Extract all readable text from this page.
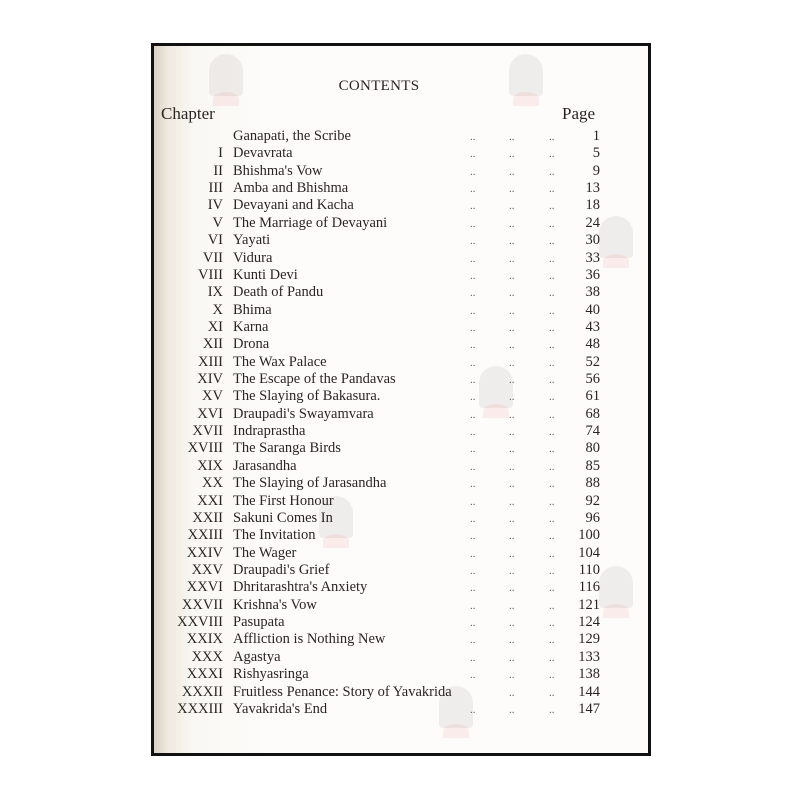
CONTENTS
Chapter	Page
Ganapati, the Scribe	..	..	..	1
I Devavrata	..	..	..	5
II Bhishma's Vow	..	..	..	9
III Amba and Bhishma	..	..	.. 13
IV Devayani and Kacha	..	..	.. 18
V The Marriage of Devayani	..	..	.. 24
VI Yayati	..	..	.. 30
VII Vidura	..	..	.. 33
VIII Kunti Devi	..	..	.. 36
IX Death of Pandu	..	..	.. 38
X Bhima	..	..	.. 40
XI Karna	..	..	.. 43
XII Drona	..	..	.. 48
XIII The Wax Palace	..	..	.. 52
XIV The Escape of the Pandavas	..	..	.. 56
XV The Slaying of Bakasura.	..	..	.. 61
XVI Draupadi's Swayamvara	..	..	.. 68
XVII Indraprastha	..	..	.. 74
XVIII The Saranga Birds	..	..	.. 80
XIX Jarasandha	..	..	.. 85
XX The Slaying of Jarasandha	..	..	.. 88
XXI The First Honour	..	..	.. 92
XXII Sakuni Comes In	..	..	.. 96
XXIII The Invitation	..	..	.. 100
XXIV The Wager	..	..	.. 104
XXV Draupadi's Grief	..	..	.. 110
XXVI Dhritarashtra's Anxiety	..	..	.. 116
XXVII Krishna's Vow	..	..	.. 121
XXVIII Pasupata	..	..	.. 124
XXIX Affliction is Nothing New	..	..	.. 129
XXX Agastya	..	..	.. 133
XXXI Rishyasringa	..	..	.. 138
XXXII Fruitless Penance: Story of Yavakrida	..	.. 144
XXXIII Yavakrida's End	..	..	.. 147
